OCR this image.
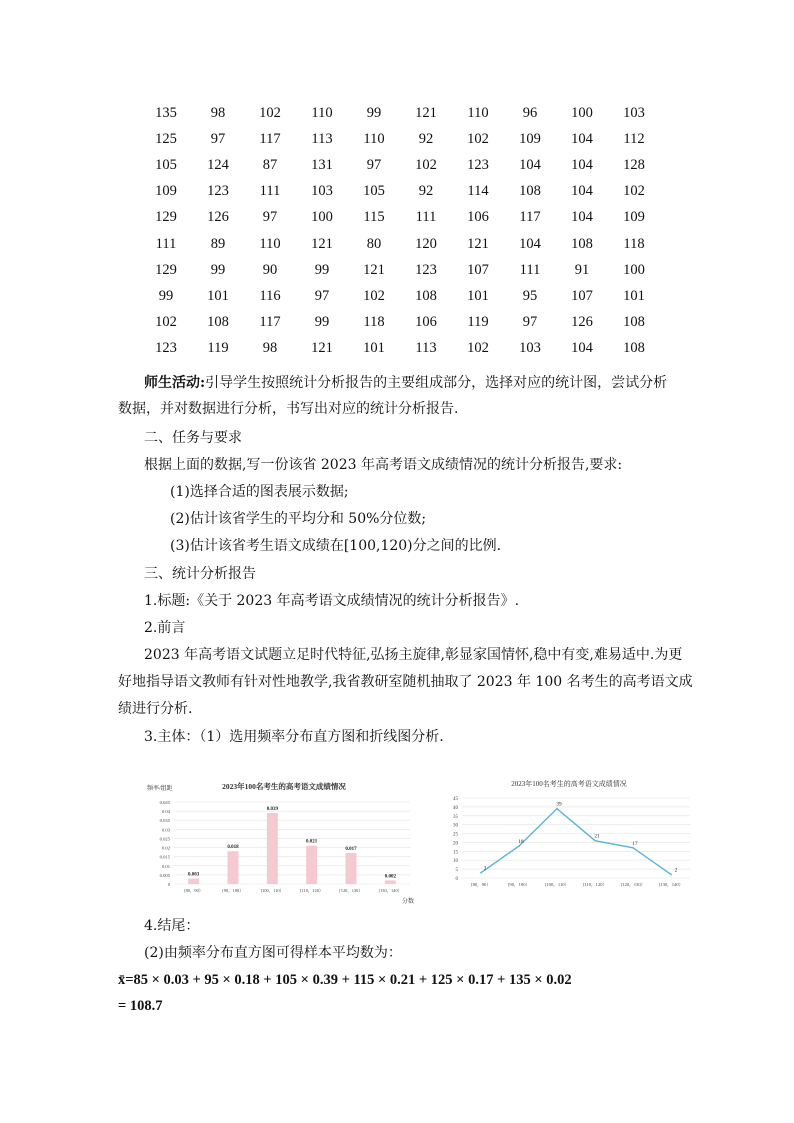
135	98	102	110	99	121	110	96	100	103
125	97	117	113	110	92	102	109	104	112
105	124	87	131	97	102	123	104	104	128
109	123	111	103	105	92	114	108	104	102
129	126	97	100	115	111	106	117	104	109
111	89	110	121	80	120	121	104	108	118
129	99	90	99	121	123	107	111	91	100
99	101	116	97	102	108	101	95	107	101
102	108	117	99	118	106	119	97	126	108
123	119	98	121	101	113	102	103	104	108
师生活动:引导学生按照统计分析报告的主要组成部分，选择对应的统计图，尝试分析
数据，并对数据进行分析，书写出对应的统计分析报告.
二、任务与要求
根据上面的数据,写一份该省 2023 年高考语文成绩情况的统计分析报告,要求:
(1)选择合适的图表展示数据;
(2)估计该省学生的平均分和 50%分位数;
(3)估计该省考生语文成绩在[100,120)分之间的比例.
三、统计分析报告
1.标题:《关于 2023 年高考语文成绩情况的统计分析报告》.
2.前言
2023 年高考语文试题立足时代特征,弘扬主旋律,彰显家国情怀,稳中有变,难易适中.为更
好地指导语文教师有针对性地教学,我省教研室随机抽取了 2023 年 100 名考生的高考语文成
绩进行分析.
3.主体：（1）选用频率分布直方图和折线图分析.
2023年100名考生的高考语文成绩情况
频率/组距
分数
0
0.005
0.01
0.015
0.02
0.025
0.03
0.035
0.04
0.045
0.003
0.018
0.039
0.021
0.017
0.002
[80，90）	[90，100）	[100，110）	[110，120）	[120，130）	[130，140）
2023年100名考生的高考语文成绩情况
0
5
10
15
20
25
30
35
40
45
3
18
39
21
17
2
[80，90）	[90，100）	[100，110）	[110，120）	[120，130）	[130，140）
4.结尾：
(2)由频率分布直方图可得样本平均数为：
x̄=85 × 0.03 + 95 × 0.18 + 105 × 0.39 + 115 × 0.21 + 125 × 0.17 + 135 × 0.02
= 108.7
